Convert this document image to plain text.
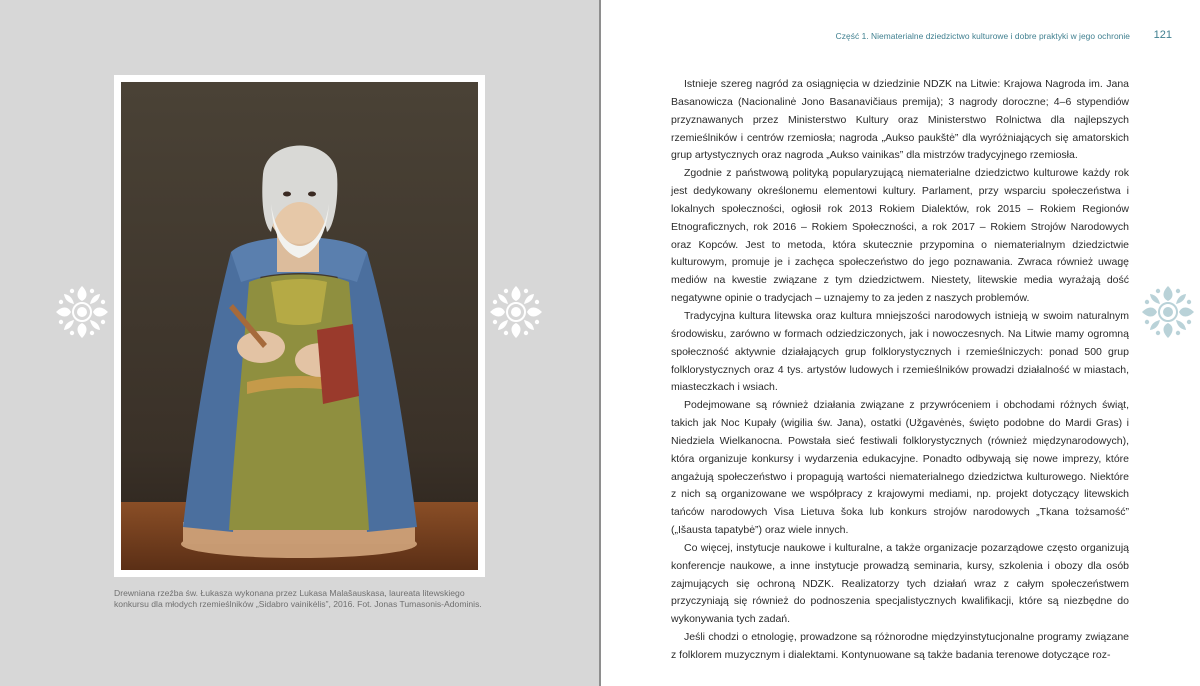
Drewniana rzeźba św. Łukasza wykonana przez Lukasa Malašauskasa, laureata litewskiego konkursu dla młodych rzemieślników „Sidabro vainikėlis”, 2016. Fot. Jonas Tumasonis-Adominis.

Część 1. Niematerialne dziedzictwo kulturowe i dobre praktyki w jego ochronie	121

Istnieje szereg nagród za osiągnięcia w dziedzinie NDZK na Litwie: Krajowa Nagroda im. Jana Basanowicza (Nacionalinė Jono Basanavičiaus premija); 3 nagrody doroczne; 4–6 stypendiów przyznawanych przez Ministerstwo Kultury oraz Ministerstwo Rolnictwa dla najlepszych rzemieślników i centrów rzemiosła; nagroda „Aukso paukštė” dla wyróżniających się amatorskich grup artystycznych oraz nagroda „Aukso vainikas” dla mistrzów tradycyjnego rzemiosła.

Zgodnie z państwową polityką popularyzującą niematerialne dziedzictwo kulturowe każdy rok jest dedykowany określonemu elementowi kultury. Parlament, przy wsparciu społeczeństwa i lokalnych społeczności, ogłosił rok 2013 Rokiem Dialektów, rok 2015 – Rokiem Regionów Etnograficznych, rok 2016 – Rokiem Społeczności, a rok 2017 – Rokiem Strojów Narodowych oraz Kopców. Jest to metoda, która skutecznie przypomina o niematerialnym dziedzictwie kulturowym, promuje je i zachęca społeczeństwo do jego poznawania. Zwraca również uwagę mediów na kwestie związane z tym dziedzictwem. Niestety, litewskie media wyrażają dość negatywne opinie o tradycjach – uznajemy to za jeden z naszych problemów.

Tradycyjna kultura litewska oraz kultura mniejszości narodowych istnieją w swoim naturalnym środowisku, zarówno w formach odziedziczonych, jak i nowoczesnych. Na Litwie mamy ogromną społeczność aktywnie działających grup folklorystycznych i rzemieślniczych: ponad 500 grup folklorystycznych oraz 4 tys. artystów ludowych i rzemieślników prowadzi działalność w miastach, miasteczkach i wsiach.

Podejmowane są również działania związane z przywróceniem i obchodami różnych świąt, takich jak Noc Kupały (wigilia św. Jana), ostatki (Užgavėnės, święto podobne do Mardi Gras) i Niedziela Wielkanocna. Powstała sieć festiwali folklorystycznych (również międzynarodowych), która organizuje konkursy i wydarzenia edukacyjne. Ponadto odbywają się nowe imprezy, które angażują społeczeństwo i propagują wartości niematerialnego dziedzictwa kulturowego. Niektóre z nich są organizowane we współpracy z krajowymi mediami, np. projekt dotyczący litewskich tańców narodowych Visa Lietuva šoka lub konkurs strojów narodowych „Tkana tożsamość” („Išausta tapatybė”) oraz wiele innych.

Co więcej, instytucje naukowe i kulturalne, a także organizacje pozarządowe często organizują konferencje naukowe, a inne instytucje prowadzą seminaria, kursy, szkolenia i obozy dla osób zajmujących się ochroną NDZK. Realizatorzy tych działań wraz z całym społeczeństwem przyczyniają się również do podnoszenia specjalistycznych kwalifikacji, które są niezbędne do wykonywania tych zadań.

Jeśli chodzi o etnologię, prowadzone są różnorodne międzyinstytucjonalne programy związane z folklorem muzycznym i dialektami. Kontynuowane są także badania terenowe dotyczące roz-
